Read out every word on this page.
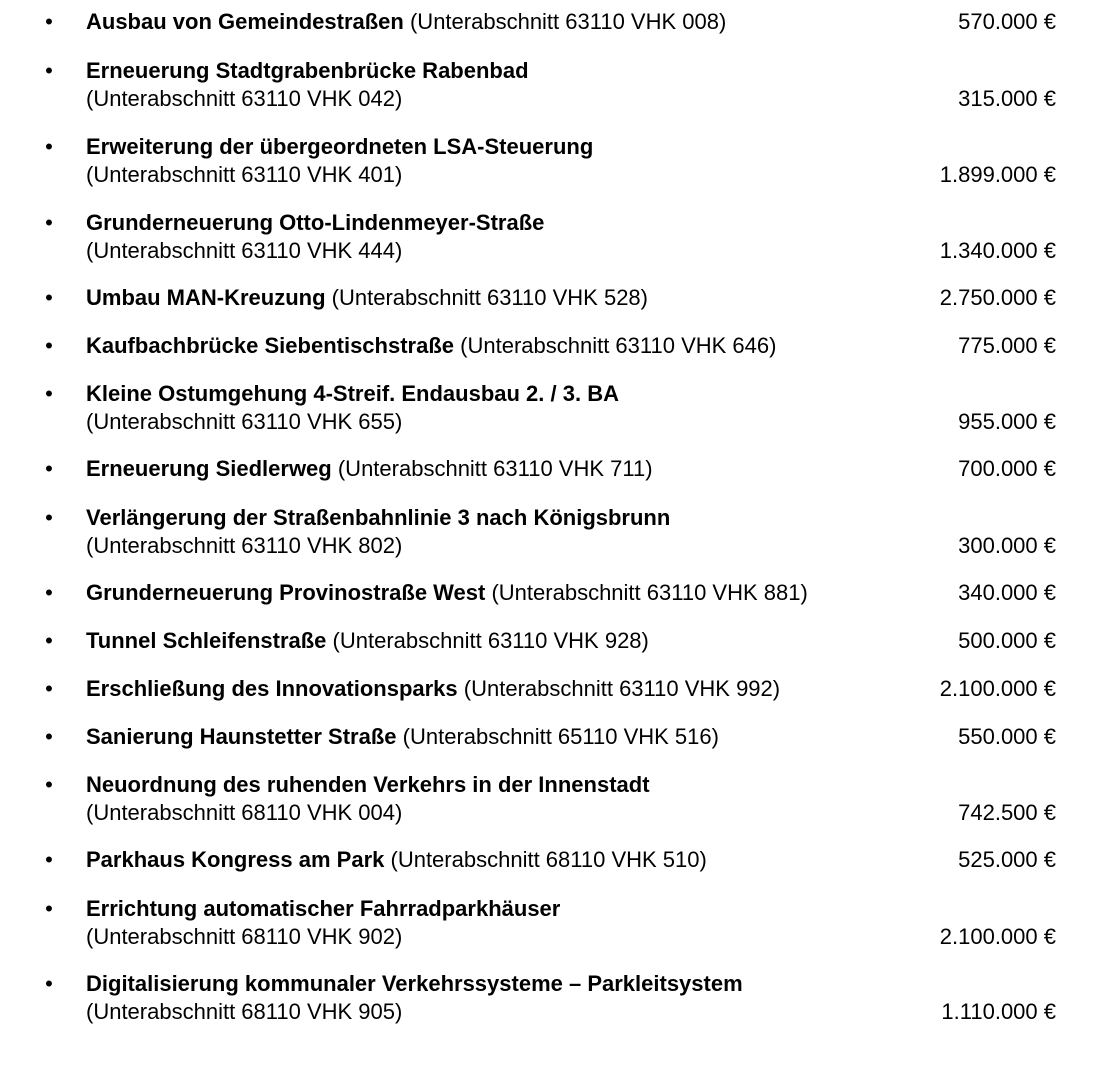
• Ausbau von Gemeindestraßen (Unterabschnitt 63110 VHK 008)	570.000 €
• Erneuerung Stadtgrabenbrücke Rabenbad
(Unterabschnitt 63110 VHK 042)	315.000 €
• Erweiterung der übergeordneten LSA-Steuerung
(Unterabschnitt 63110 VHK 401)	1.899.000 €
• Grunderneuerung Otto-Lindenmeyer-Straße
(Unterabschnitt 63110 VHK 444)	1.340.000 €
• Umbau MAN-Kreuzung (Unterabschnitt 63110 VHK 528)	2.750.000 €
• Kaufbachbrücke Siebentischstraße (Unterabschnitt 63110 VHK 646)	775.000 €
• Kleine Ostumgehung 4-Streif. Endausbau 2. / 3. BA
(Unterabschnitt 63110 VHK 655)	955.000 €
• Erneuerung Siedlerweg (Unterabschnitt 63110 VHK 711)	700.000 €
• Verlängerung der Straßenbahnlinie 3 nach Königsbrunn
(Unterabschnitt 63110 VHK 802)	300.000 €
• Grunderneuerung Provinostraße West (Unterabschnitt 63110 VHK 881)	340.000 €
• Tunnel Schleifenstraße (Unterabschnitt 63110 VHK 928)	500.000 €
• Erschließung des Innovationsparks (Unterabschnitt 63110 VHK 992)	2.100.000 €
• Sanierung Haunstetter Straße (Unterabschnitt 65110 VHK 516)	550.000 €
• Neuordnung des ruhenden Verkehrs in der Innenstadt
(Unterabschnitt 68110 VHK 004)	742.500 €
• Parkhaus Kongress am Park (Unterabschnitt 68110 VHK 510)	525.000 €
• Errichtung automatischer Fahrradparkhäuser
(Unterabschnitt 68110 VHK 902)	2.100.000 €
• Digitalisierung kommunaler Verkehrssysteme – Parkleitsystem
(Unterabschnitt 68110 VHK 905)	1.110.000 €
